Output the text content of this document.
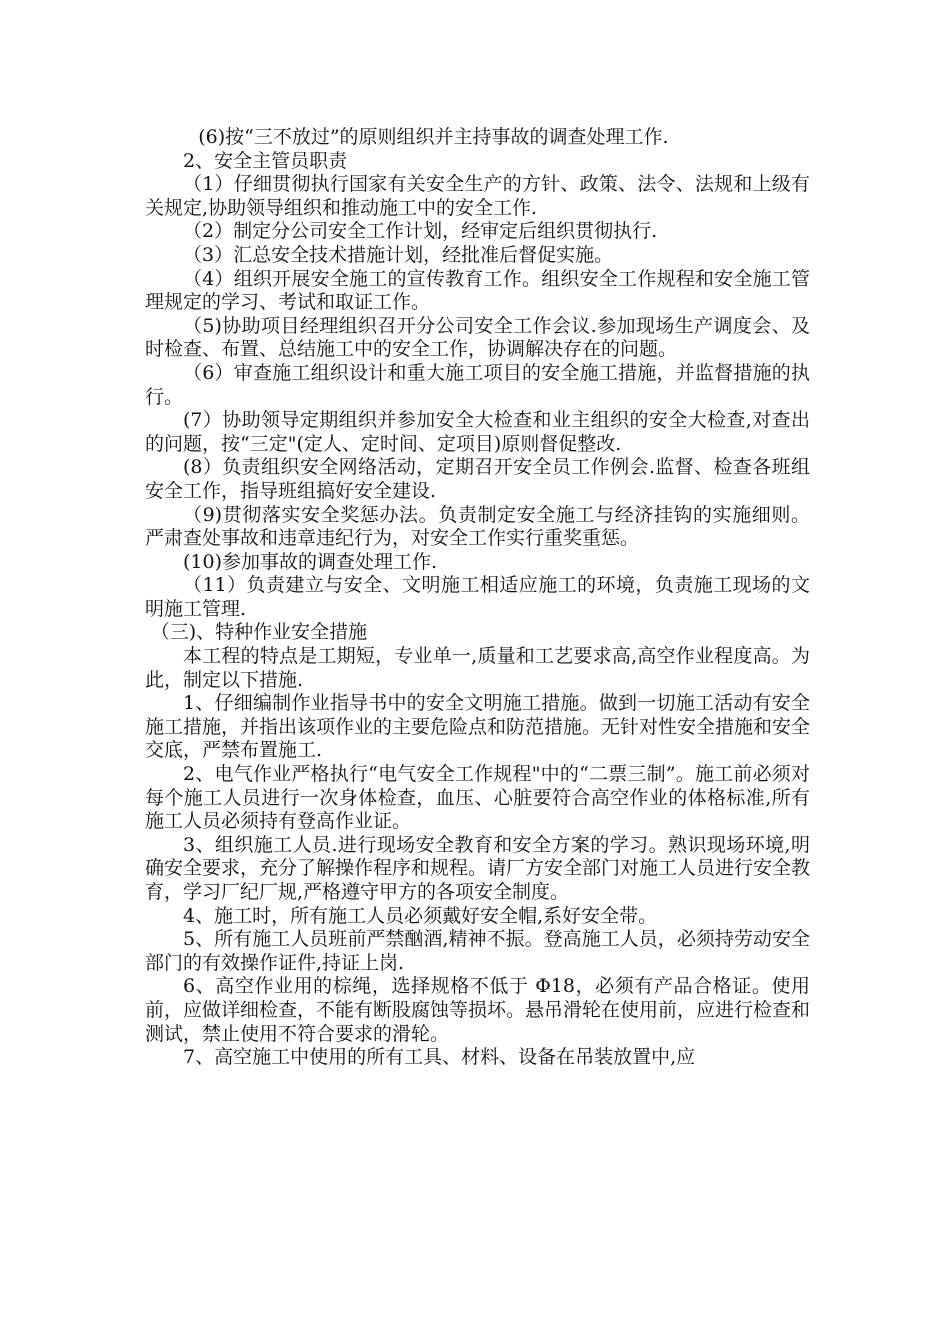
(6)按“三不放过”的原则组织并主持事故的调查处理工作.

2、安全主管员职责

（1）仔细贯彻执行国家有关安全生产的方针、政策、法令、法规和上级有关规定,协助领导组织和推动施工中的安全工作.

（2）制定分公司安全工作计划，经审定后组织贯彻执行.

（3）汇总安全技术措施计划，经批准后督促实施。

（4）组织开展安全施工的宣传教育工作。组织安全工作规程和安全施工管理规定的学习、考试和取证工作。

（5)协助项目经理组织召开分公司安全工作会议.参加现场生产调度会、及时检查、布置、总结施工中的安全工作，协调解决存在的问题。

（6）审查施工组织设计和重大施工项目的安全施工措施，并监督措施的执行。

(7）协助领导定期组织并参加安全大检查和业主组织的安全大检查,对查出的问题，按“三定"(定人、定时间、定项目)原则督促整改.

(8）负责组织安全网络活动，定期召开安全员工作例会.监督、检查各班组安全工作，指导班组搞好安全建设.

（9)贯彻落实安全奖惩办法。负责制定安全施工与经济挂钩的实施细则。严肃查处事故和违章违纪行为，对安全工作实行重奖重惩。

(10)参加事故的调查处理工作.

（11）负责建立与安全、文明施工相适应施工的环境，负责施工现场的文明施工管理.

（三)、特种作业安全措施

本工程的特点是工期短，专业单一,质量和工艺要求高,高空作业程度高。为此，制定以下措施.

1、仔细编制作业指导书中的安全文明施工措施。做到一切施工活动有安全施工措施，并指出该项作业的主要危险点和防范措施。无针对性安全措施和安全交底，严禁布置施工.

2、电气作业严格执行“电气安全工作规程"中的“二票三制”。施工前必须对每个施工人员进行一次身体检查，血压、心脏要符合高空作业的体格标准,所有施工人员必须持有登高作业证。

3、组织施工人员.进行现场安全教育和安全方案的学习。熟识现场环境,明确安全要求，充分了解操作程序和规程。请厂方安全部门对施工人员进行安全教育，学习厂纪厂规,严格遵守甲方的各项安全制度。

4、施工时，所有施工人员必须戴好安全帽,系好安全带。

5、所有施工人员班前严禁酗酒,精神不振。登高施工人员，必须持劳动安全部门的有效操作证件,持证上岗.

6、高空作业用的棕绳，选择规格不低于 Φ18，必须有产品合格证。使用前，应做详细检查，不能有断股腐蚀等损坏。悬吊滑轮在使用前，应进行检查和测试，禁止使用不符合要求的滑轮。

7、高空施工中使用的所有工具、材料、设备在吊装放置中,应
